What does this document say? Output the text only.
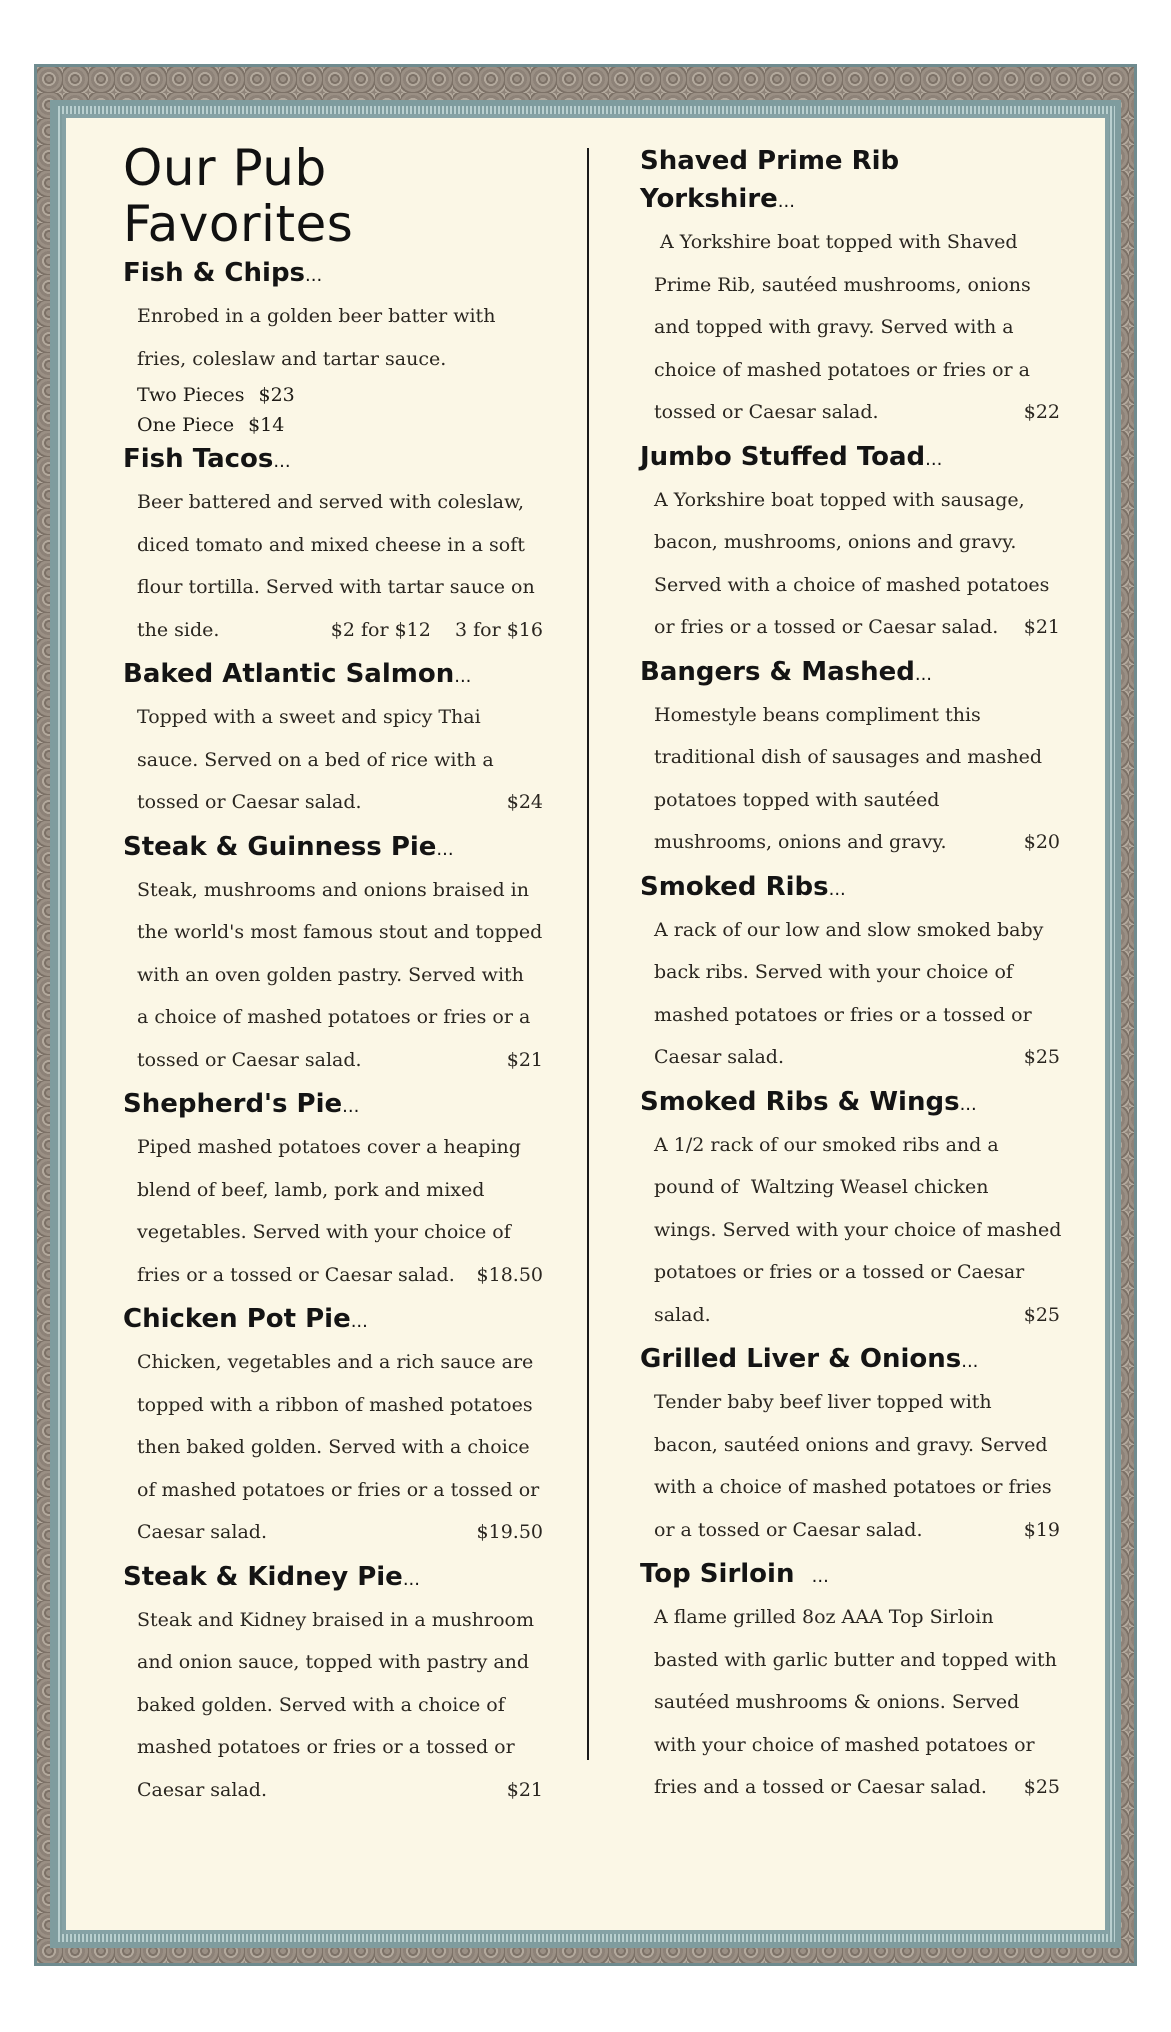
Our Pub Favorites
Fish & Chips...
Enrobed in a golden beer batter with
fries, coleslaw and tartar sauce.
Two Pieces $23
One Piece $14
Fish Tacos...
Beer battered and served with coleslaw,
diced tomato and mixed cheese in a soft
flour tortilla. Served with tartar sauce on
the side.	$2 for $12    3 for $16
Baked Atlantic Salmon...
Topped with a sweet and spicy Thai
sauce. Served on a bed of rice with a
tossed or Caesar salad.	$24
Steak & Guinness Pie...
Steak, mushrooms and onions braised in
the world's most famous stout and topped
with an oven golden pastry. Served with
a choice of mashed potatoes or fries or a
tossed or Caesar salad.	$21
Shepherd's Pie...
Piped mashed potatoes cover a heaping
blend of beef, lamb, pork and mixed
vegetables. Served with your choice of
fries or a tossed or Caesar salad. $18.50
Chicken Pot Pie...
Chicken, vegetables and a rich sauce are
topped with a ribbon of mashed potatoes
then baked golden. Served with a choice
of mashed potatoes or fries or a tossed or
Caesar salad.	$19.50
Steak & Kidney Pie...
Steak and Kidney braised in a mushroom
and onion sauce, topped with pastry and
baked golden. Served with a choice of
mashed potatoes or fries or a tossed or
Caesar salad.	$21
Shaved Prime Rib Yorkshire...
A Yorkshire boat topped with Shaved
Prime Rib, sautéed mushrooms, onions
and topped with gravy. Served with a
choice of mashed potatoes or fries or a
tossed or Caesar salad.	$22
Jumbo Stuffed Toad...
A Yorkshire boat topped with sausage,
bacon, mushrooms, onions and gravy.
Served with a choice of mashed potatoes
or fries or a tossed or Caesar salad. $21
Bangers & Mashed...
Homestyle beans compliment this
traditional dish of sausages and mashed
potatoes topped with sautéed
mushrooms, onions and gravy.	$20
Smoked Ribs...
A rack of our low and slow smoked baby
back ribs. Served with your choice of
mashed potatoes or fries or a tossed or
Caesar salad.	$25
Smoked Ribs & Wings...
A 1/2 rack of our smoked ribs and a
pound of  Waltzing Weasel chicken
wings. Served with your choice of mashed
potatoes or fries or a tossed or Caesar
salad.	$25
Grilled Liver & Onions...
Tender baby beef liver topped with
bacon, sautéed onions and gravy. Served
with a choice of mashed potatoes or fries
or a tossed or Caesar salad.	$19
Top Sirloin   ...
A flame grilled 8oz AAA Top Sirloin
basted with garlic butter and topped with
sautéed mushrooms & onions. Served
with your choice of mashed potatoes or
fries and a tossed or Caesar salad. $25
